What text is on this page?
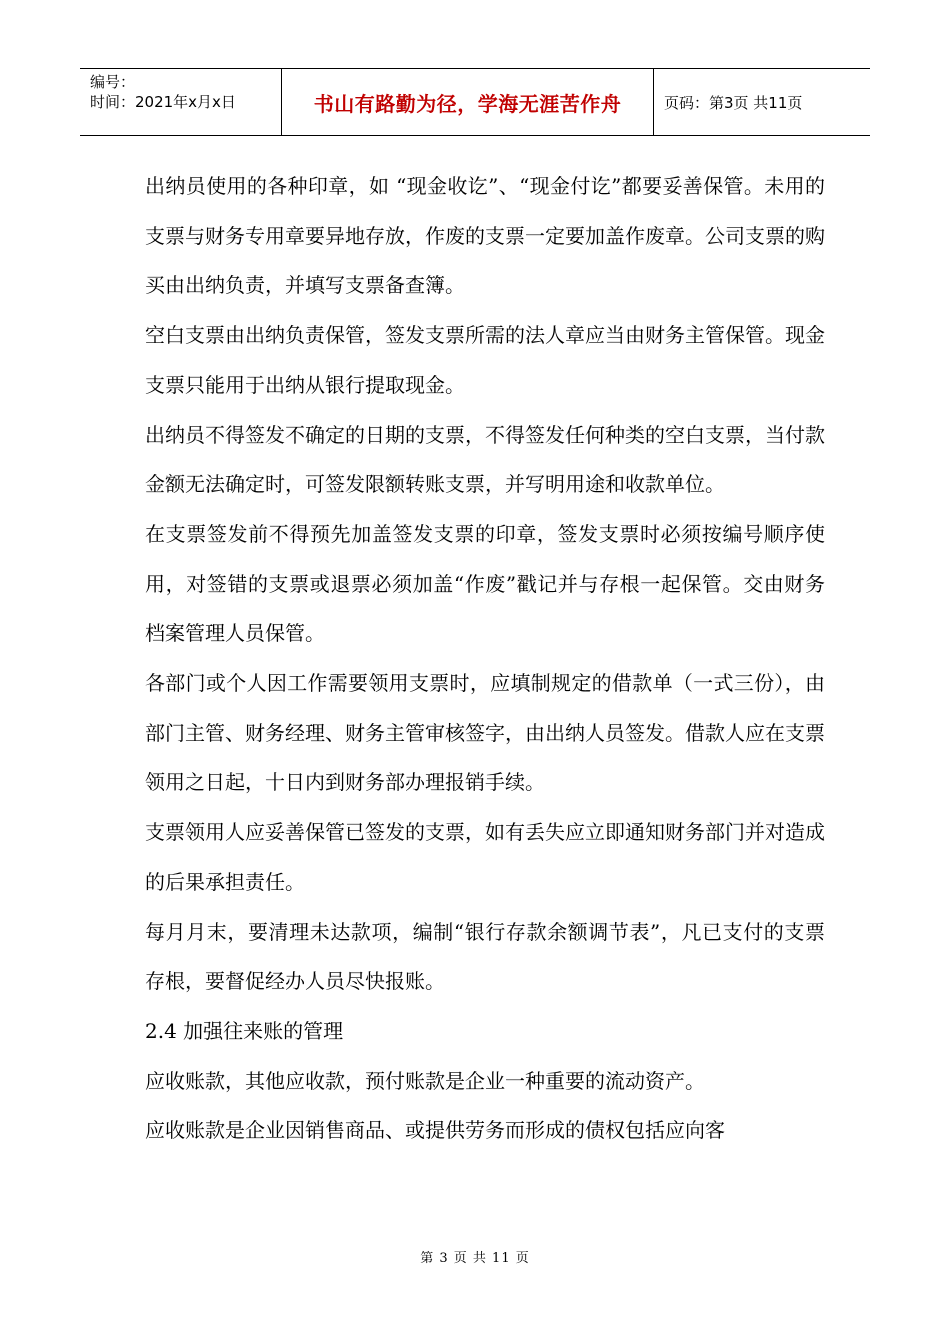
编号：
时间：2021年x月x日	书山有路勤为径，学海无涯苦作舟	页码：第3页 共11页

出纳员使用的各种印章，如 “现金收讫”、“现金付讫”都要妥善保管。未用的支票与财务专用章要异地存放，作废的支票一定要加盖作废章。公司支票的购买由出纳负责，并填写支票备查簿。

空白支票由出纳负责保管，签发支票所需的法人章应当由财务主管保管。现金支票只能用于出纳从银行提取现金。

出纳员不得签发不确定的日期的支票，不得签发任何种类的空白支票，当付款金额无法确定时，可签发限额转账支票，并写明用途和收款单位。

在支票签发前不得预先加盖签发支票的印章，签发支票时必须按编号顺序使用，对签错的支票或退票必须加盖“作废”戳记并与存根一起保管。交由财务档案管理人员保管。

各部门或个人因工作需要领用支票时，应填制规定的借款单（一式三份），由部门主管、财务经理、财务主管审核签字，由出纳人员签发。借款人应在支票领用之日起，十日内到财务部办理报销手续。

支票领用人应妥善保管已签发的支票，如有丢失应立即通知财务部门并对造成的后果承担责任。

每月月末，要清理未达款项，编制“银行存款余额调节表”，凡已支付的支票存根，要督促经办人员尽快报账。

2.4 加强往来账的管理

应收账款，其他应收款，预付账款是企业一种重要的流动资产。

应收账款是企业因销售商品、或提供劳务而形成的债权包括应向客

第 3 页 共 11 页
